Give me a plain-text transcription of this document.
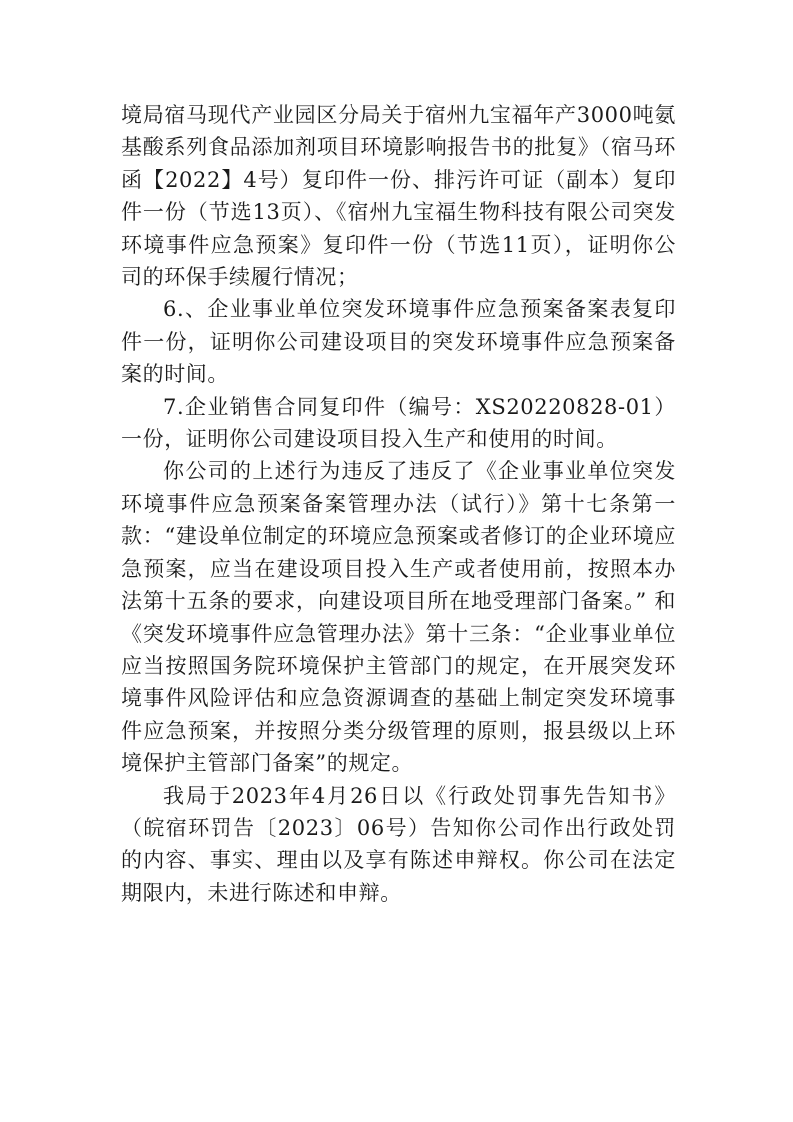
境局宿马现代产业园区分局关于宿州九宝福年产3000吨氨基酸系列食品添加剂项目环境影响报告书的批复》（宿马环函【2022】4号）复印件一份、排污许可证（副本）复印件一份（节选13页）、《宿州九宝福生物科技有限公司突发环境事件应急预案》复印件一份（节选11页），证明你公司的环保手续履行情况；

6.、企业事业单位突发环境事件应急预案备案表复印件一份，证明你公司建设项目的突发环境事件应急预案备案的时间。

7.企业销售合同复印件（编号：XS20220828-01）一份，证明你公司建设项目投入生产和使用的时间。

你公司的上述行为违反了违反了《企业事业单位突发环境事件应急预案备案管理办法（试行）》第十七条第一款：“建设单位制定的环境应急预案或者修订的企业环境应急预案，应当在建设项目投入生产或者使用前，按照本办法第十五条的要求，向建设项目所在地受理部门备案。” 和《突发环境事件应急管理办法》第十三条：“企业事业单位应当按照国务院环境保护主管部门的规定，在开展突发环境事件风险评估和应急资源调查的基础上制定突发环境事件应急预案，并按照分类分级管理的原则，报县级以上环境保护主管部门备案”的规定。

我局于2023年4月26日以《行政处罚事先告知书》（皖宿环罚告〔2023〕06号）告知你公司作出行政处罚的内容、事实、理由以及享有陈述申辩权。你公司在法定期限内，未进行陈述和申辩。
